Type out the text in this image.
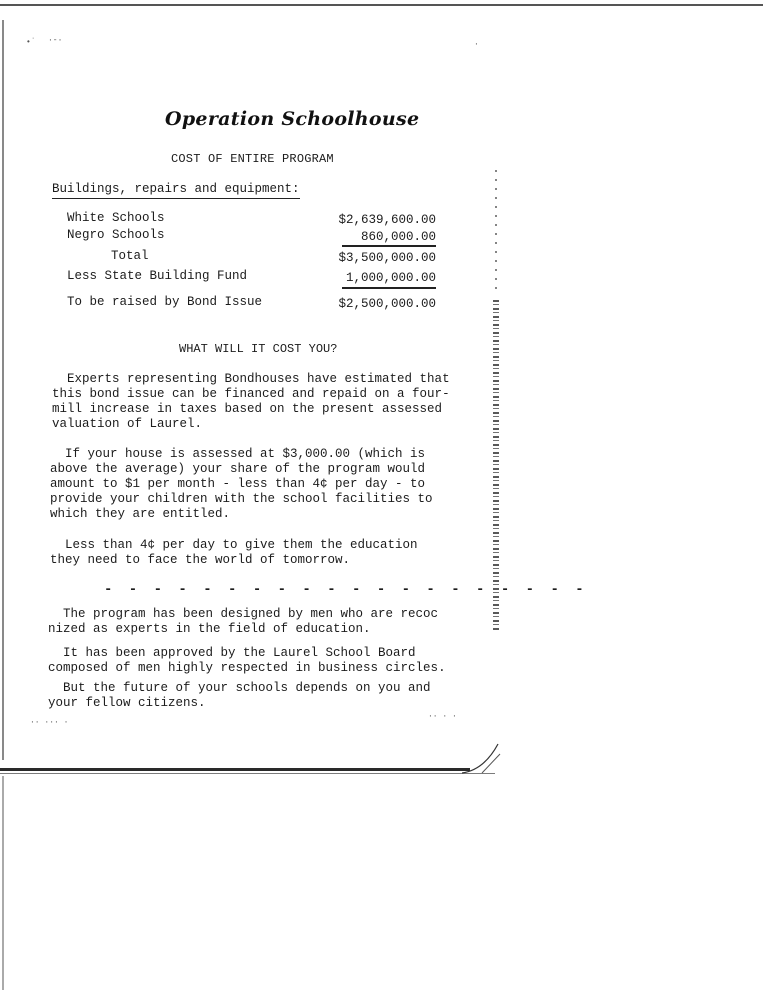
•˙ ·-·	·
·· ··· ·
·· · ·
Operation Schoolhouse
COST OF ENTIRE PROGRAM
Buildings, repairs and equipment:
White Schools	$2,639,600.00
Negro Schools	860,000.00
Total	$3,500,000.00
Less State Building Fund	1,000,000.00
To be raised by Bond Issue	$2,500,000.00
WHAT WILL IT COST YOU?
Experts representing Bondhouses have estimated that
this bond issue can be financed and repaid on a four-
mill increase in taxes based on the present assessed
valuation of Laurel.
If your house is assessed at $3,000.00 (which is
above the average) your share of the program would
amount to $1 per month - less than 4¢ per day - to
provide your children with the school facilities to
which they are entitled.
Less than 4¢ per day to give them the education
they need to face the world of tomorrow.
- - - - - - - - - - - - - - - - - - - -
The program has been designed by men who are recoc
nized as experts in the field of education.
It has been approved by the Laurel School Board
composed of men highly respected in business circles.
But the future of your schools depends on you and
your fellow citizens.
